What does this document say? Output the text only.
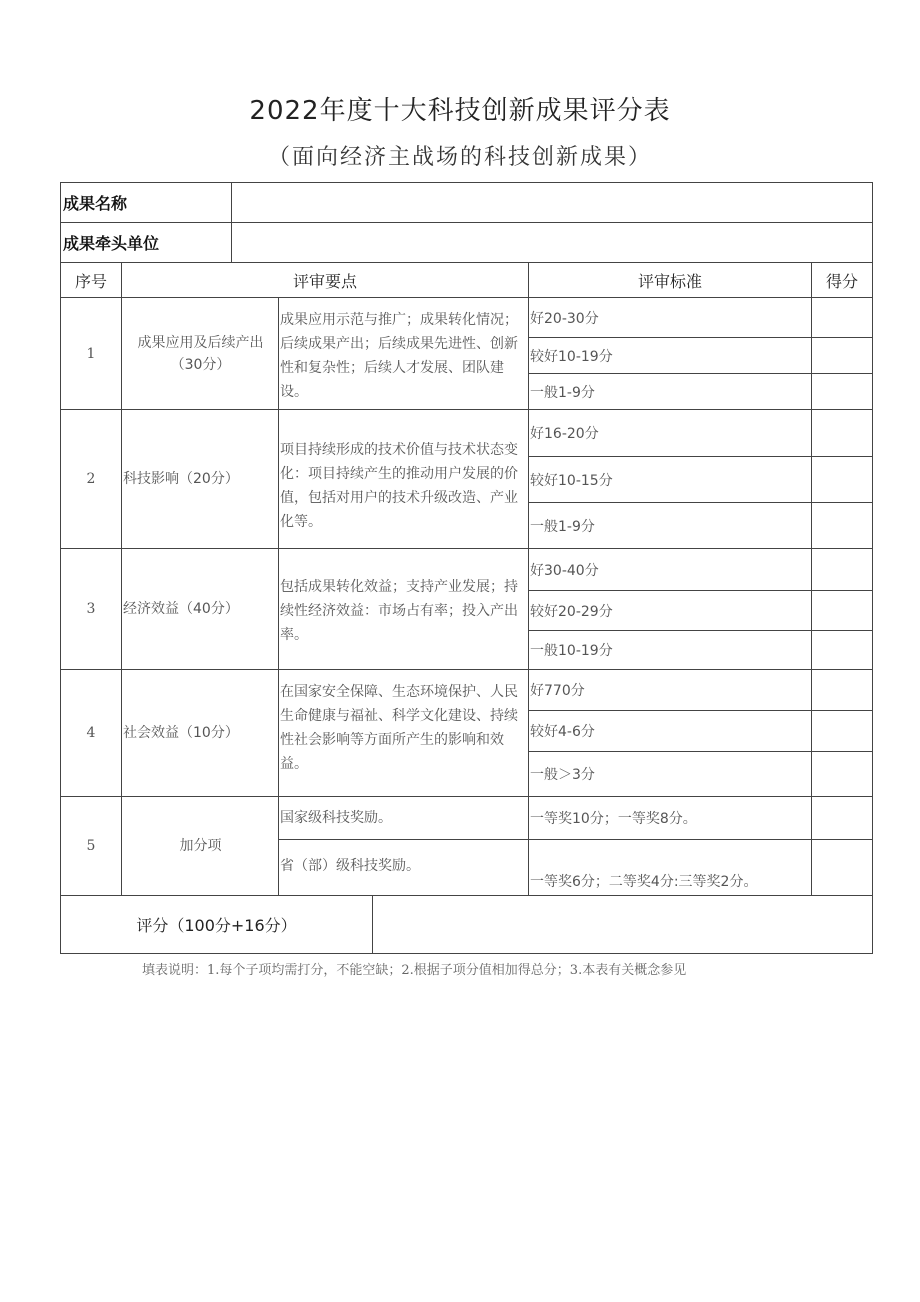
2022年度十大科技创新成果评分表
（面向经济主战场的科技创新成果）
成果名称	
成果牵头单位	
序号	评审要点		评审标准	得分
1	成果应用及后续产出（30分）	成果应用示范与推广；成果转化情况；后续成果产出；后续成果先进性、创新性和复杂性；后续人才发展、团队建设。	好20-30分	
			较好10-19分	
			一般1-9分	
2	科技影响（20分）	项目持续形成的技术价值与技术状态变化：项目持续产生的推动用户发展的价值，包括对用户的技术升级改造、产业化等。	好16-20分	
			较好10-15分	
			一般1-9分	
3	经济效益（40分）	包括成果转化效益；支持产业发展；持续性经济效益：市场占有率；投入产出率。	好30-40分	
			较好20-29分	
			一般10-19分	
4	社会效益（10分）	在国家安全保障、生态环境保护、人民生命健康与福祉、科学文化建设、持续性社会影响等方面所产生的影响和效益。	好770分	
			较好4-6分	
			一般＞3分	
5	加分项	国家级科技奖励。	一等奖10分；一等奖8分。	
		省（部）级科技奖励。	一等奖6分；二等奖4分:三等奖2分。	
评分（100分+16分）	
填表说明：1.每个子项均需打分，不能空缺；2.根据子项分值相加得总分；3.本表有关概念参见
